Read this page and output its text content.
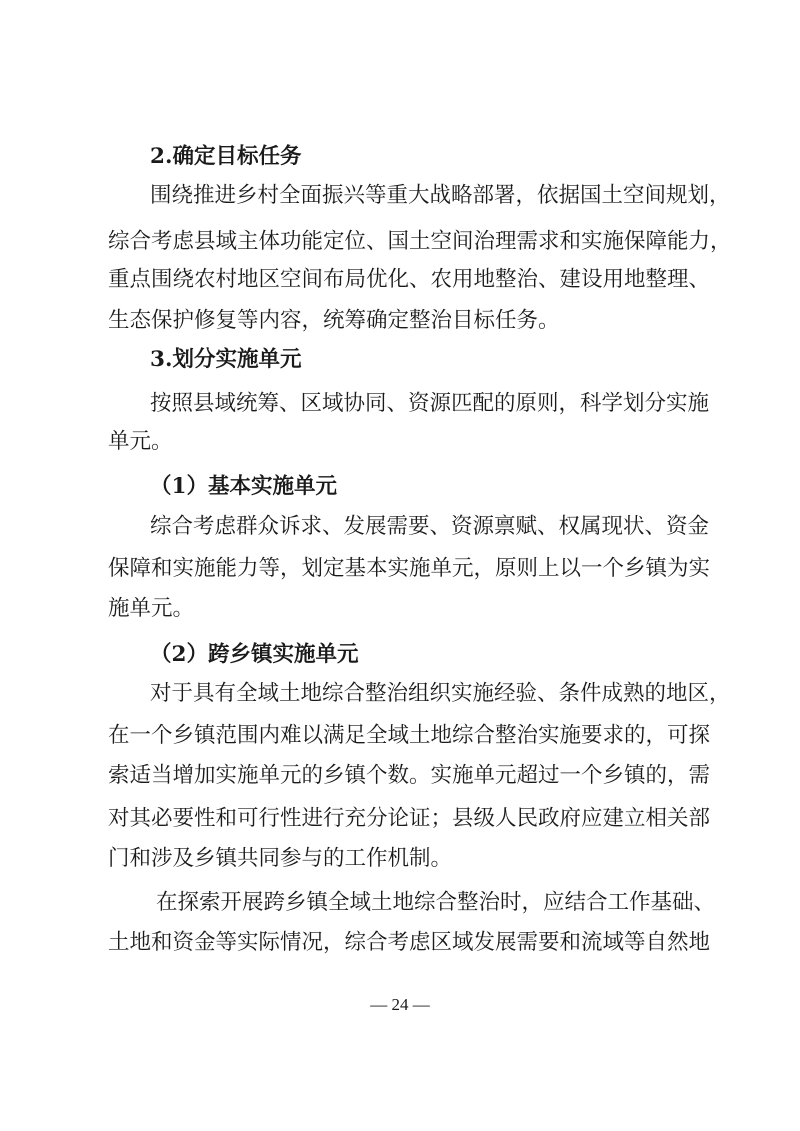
2.确定目标任务
围绕推进乡村全面振兴等重大战略部署，依据国土空间规划，
综合考虑县域主体功能定位、国土空间治理需求和实施保障能力，
重点围绕农村地区空间布局优化、农用地整治、建设用地整理、
生态保护修复等内容，统筹确定整治目标任务。
3.划分实施单元
按照县域统筹、区域协同、资源匹配的原则，科学划分实施
单元。
（1）基本实施单元
综合考虑群众诉求、发展需要、资源禀赋、权属现状、资金
保障和实施能力等，划定基本实施单元，原则上以一个乡镇为实
施单元。
（2）跨乡镇实施单元
对于具有全域土地综合整治组织实施经验、条件成熟的地区，
在一个乡镇范围内难以满足全域土地综合整治实施要求的，可探
索适当增加实施单元的乡镇个数。实施单元超过一个乡镇的，需
对其必要性和可行性进行充分论证；县级人民政府应建立相关部
门和涉及乡镇共同参与的工作机制。
在探索开展跨乡镇全域土地综合整治时，应结合工作基础、
土地和资金等实际情况，综合考虑区域发展需要和流域等自然地
— 24 —
